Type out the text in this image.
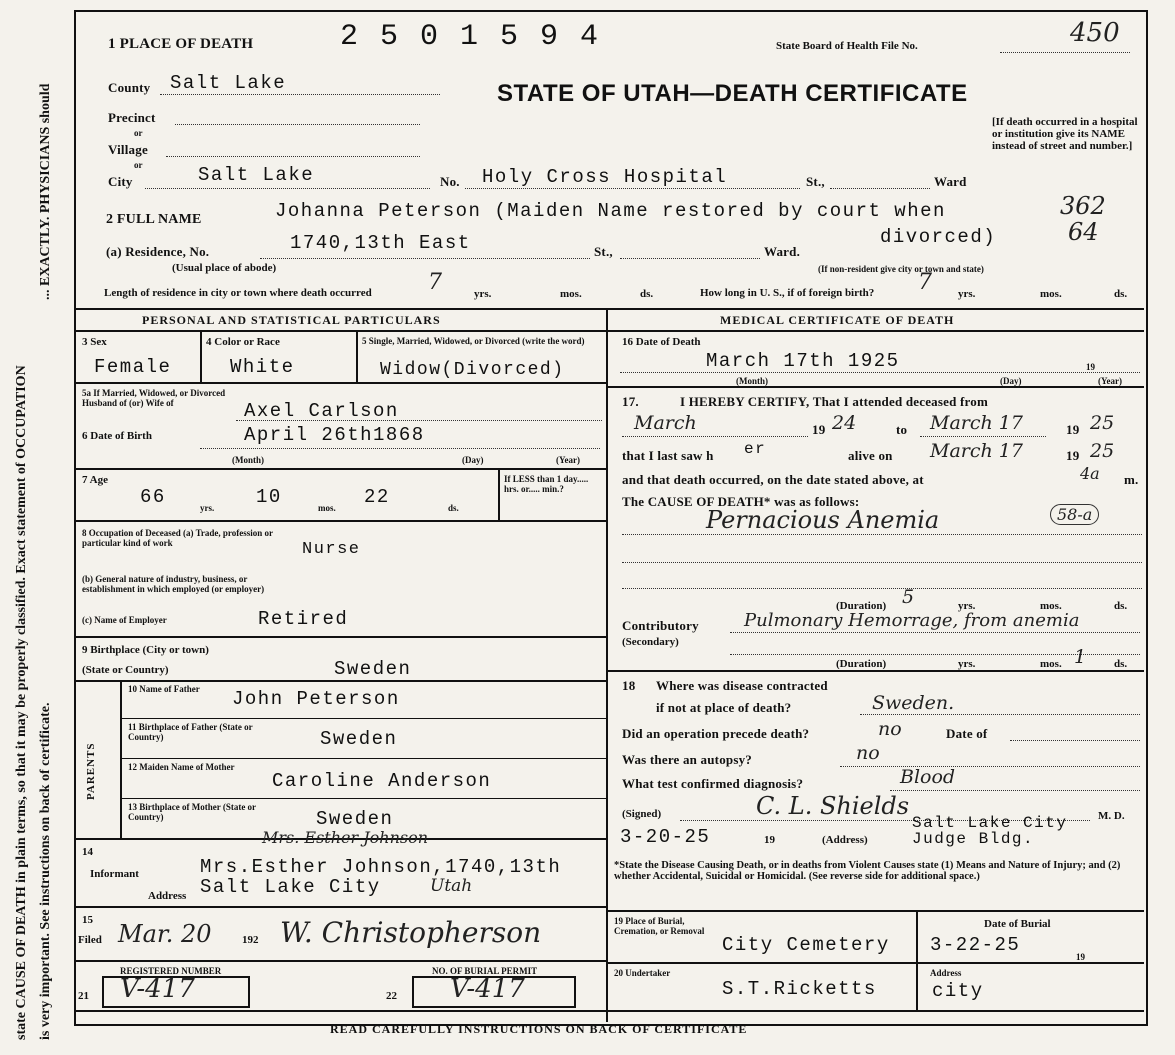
state CAUSE OF DEATH in plain terms, so that it may be properly classified. Exact statement of OCCUPATION is very important. See instructions on back of certificate.
... EXACTLY. PHYSICIANS should
1 PLACE OF DEATH	2 5 0 1 5 9 4	State Board of Health File No.	450
STATE OF UTAH—DEATH CERTIFICATE
[If death occurred in a hospital or institution give its NAME instead of street and number.]
County Salt Lake
Precinct
or
Village
or
City	Salt Lake	No. Holy Cross Hospital	St.,	Ward
2 FULL NAME	Johanna Peterson (Maiden Name restored by court when
divorced)
362
64
(a) Residence, No.	1740,13th East	St.,	Ward.
(Usual place of abode)	(If non-resident give city or town and state)
Length of residence in city or town where death occurred	7	yrs.	mos.	ds.	How long in U. S., if of foreign birth? 7 yrs.	mos.	ds.
PERSONAL AND STATISTICAL PARTICULARS	MEDICAL CERTIFICATE OF DEATH
3 Sex
Female
4 Color or Race
White
5 Single, Married, Widowed, or Divorced (write the word)
Widow(Divorced)
5a If Married, Widowed, or Divorced Husband of (or) Wife of	Axel Carlson
6 Date of Birth	April 26th1868
(Month)	(Day)	(Year)
7 Age
66	yrs. 10	mos. 22	ds.
If LESS than 1 day..... hrs. or..... min.?
8 Occupation of Deceased (a) Trade, profession or particular kind of work	Nurse
(b) General nature of industry, business, or establishment in which employed (or employer)
(c) Name of Employer	Retired
9 Birthplace (City or town)
(State or Country)	Sweden
PARENTS
10 Name of Father	John Peterson
11 Birthplace of Father (State or Country)	Sweden
12 Maiden Name of Mother
Caroline Anderson
13 Birthplace of Mother (State or Country)	Sweden
14
Mrs. Esther Johnson
Informant	Mrs.Esther Johnson,1740,13th
Address Salt Lake City	Utah
15
Filed Mar. 20	192 W. Christopherson
REGISTERED NUMBER
21 V-417
NO. OF BURIAL PERMIT
22 V-417
16 Date of Death
March 17th 1925	19
(Month)	(Day)	(Year)
17.	I HEREBY CERTIFY, That I attended deceased from
March	19 24	to March 17	19 25
that I last saw h er	alive on March 17	19 25
and that death occurred, on the date stated above, at	4a m.
The CAUSE OF DEATH* was as follows:
Pernacious Anemia	58-a
(Duration) 5	yrs.	mos.	ds.
Contributory
(Secondary)
Pulmonary Hemorrage, from anemia
(Duration)	yrs.	mos. 1	ds.
18 Where was disease contracted
if not at place of death?	Sweden.
Did an operation precede death?	no	Date of
Was there an autopsy?	no
What test confirmed diagnosis?	Blood
(Signed)	C. L. Shields	M. D.
3-20-25	19	(Address)
Salt Lake City
Judge Bldg.
*State the Disease Causing Death, or in deaths from Violent Causes state (1) Means and Nature of Injury; and (2) whether Accidental, Suicidal or Homicidal. (See reverse side for additional space.)
19 Place of Burial, Cremation, or Removal
City Cemetery
Date of Burial
3-22-25
19
20 Undertaker
S.T.Ricketts
Address
city
READ CAREFULLY INSTRUCTIONS ON BACK OF CERTIFICATE
